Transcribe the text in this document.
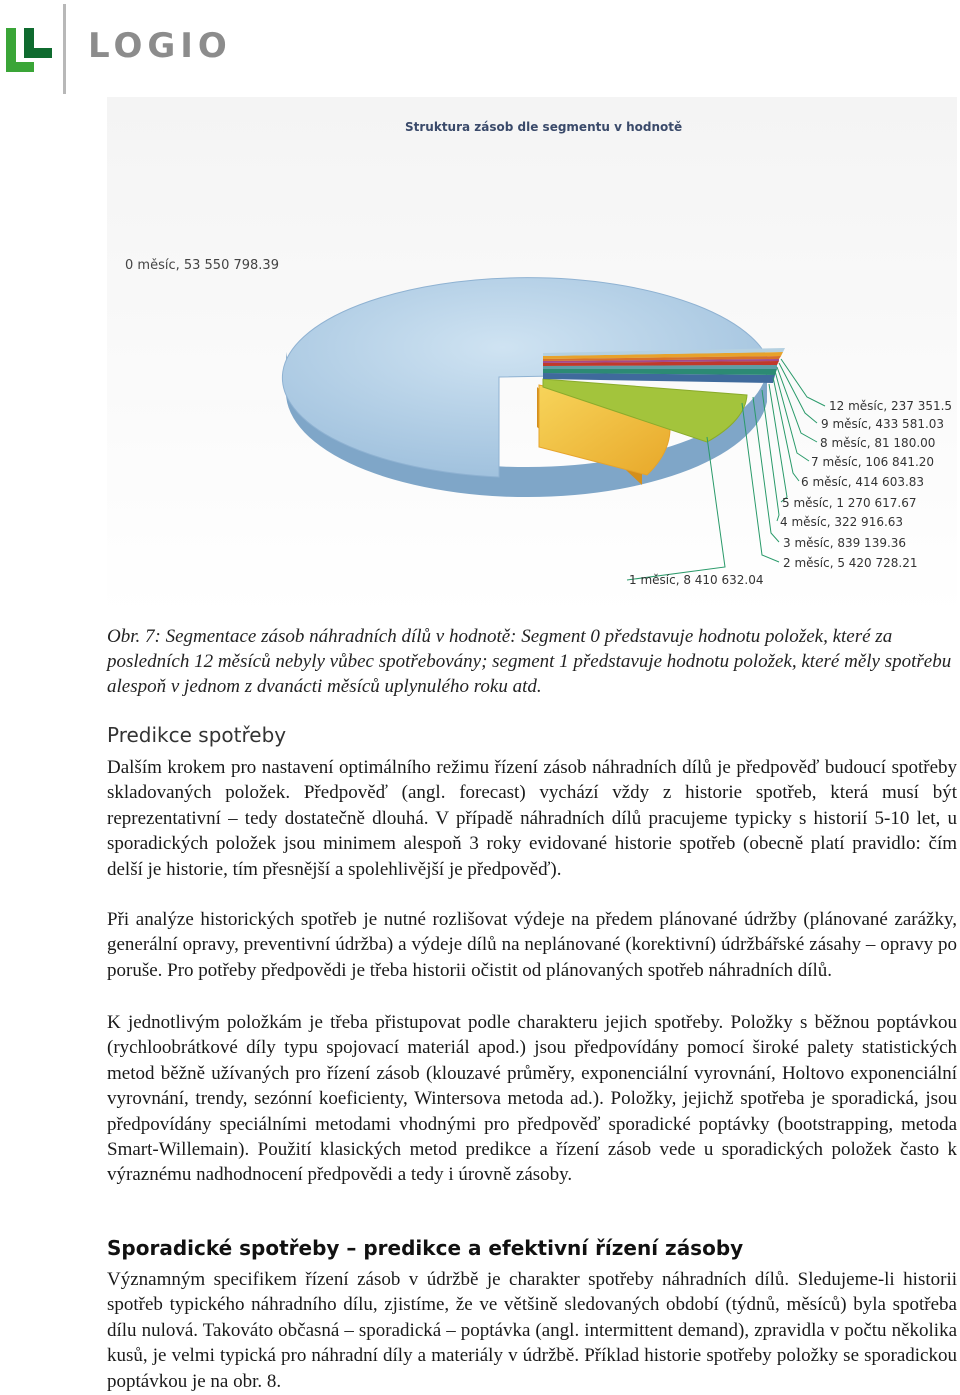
LOGIO
Struktura zásob dle segmentu v hodnotě
0 měsíc, 53 550 798.39
12 měsíc, 237 351.5
9 měsíc, 433 581.03
8 měsíc, 81 180.00
7 měsíc, 106 841.20
6 měsíc, 414 603.83
5 měsíc, 1 270 617.67
4 měsíc, 322 916.63
3 měsíc, 839 139.36
2 měsíc, 5 420 728.21
1 měsíc, 8 410 632.04
Obr. 7: Segmentace zásob náhradních dílů v hodnotě: Segment 0 představuje hodnotu položek, které za posledních 12 měsíců nebyly vůbec spotřebovány; segment 1 představuje hodnotu položek, které měly spotřebu alespoň v jednom z dvanácti měsíců uplynulého roku atd.
Predikce spotřeby
Dalším krokem pro nastavení optimálního režimu řízení zásob náhradních dílů je předpověď budoucí spotřeby skladovaných položek. Předpověď (angl. forecast) vychází vždy z historie spotřeb, která musí být reprezentativní – tedy dostatečně dlouhá. V případě náhradních dílů pracujeme typicky s historií 5-10 let, u sporadických položek jsou minimem alespoň 3 roky evidované historie spotřeb (obecně platí pravidlo: čím delší je historie, tím přesnější a spolehlivější je předpověď).
Při analýze historických spotřeb je nutné rozlišovat výdeje na předem plánované údržby (plánované zarážky, generální opravy, preventivní údržba) a výdeje dílů na neplánované (korektivní) údržbářské zásahy – opravy po poruše. Pro potřeby předpovědi je třeba historii očistit od plánovaných spotřeb náhradních dílů.
K jednotlivým položkám je třeba přistupovat podle charakteru jejich spotřeby. Položky s běžnou poptávkou (rychloobrátkové díly typu spojovací materiál apod.) jsou předpovídány pomocí široké palety statistických metod běžně užívaných pro řízení zásob (klouzavé průměry, exponenciální vyrovnání, Holtovo exponenciální vyrovnání, trendy, sezónní koeficienty, Wintersova metoda ad.). Položky, jejichž spotřeba je sporadická, jsou předpovídány speciálními metodami vhodnými pro předpověď sporadické poptávky (bootstrapping, metoda Smart-Willemain). Použití klasických metod predikce a řízení zásob vede u sporadických položek často k výraznému nadhodnocení předpovědi a tedy i úrovně zásoby.
Sporadické spotřeby – predikce a efektivní řízení zásoby
Významným specifikem řízení zásob v údržbě je charakter spotřeby náhradních dílů. Sledujeme-li historii spotřeb typického náhradního dílu, zjistíme, že ve většině sledovaných období (týdnů, měsíců) byla spotřeba dílu nulová. Takováto občasná – sporadická – poptávka (angl. intermittent demand), zpravidla v počtu několika kusů, je velmi typická pro náhradní díly a materiály v údržbě. Příklad historie spotřeby položky se sporadickou poptávkou je na obr. 8.
